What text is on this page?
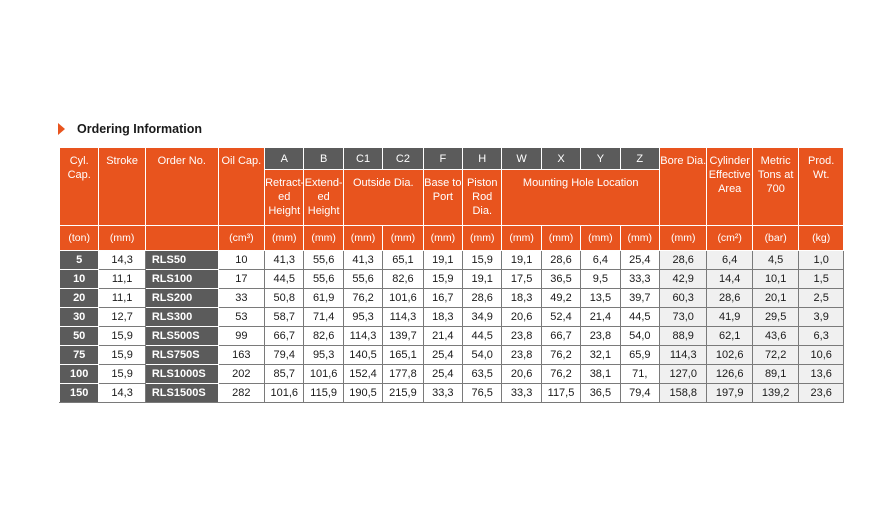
Ordering Information
Cyl. Cap.	Stroke	Order No.	Oil Cap.	A	B	C1	C2	F	H	W	X	Y	Z	Bore Dia.	Cylinder Effective Area	Metric Tons at 700	Prod. Wt.
				Retract-ed Height	Extend-ed Height	Outside Dia.		Base to Port	Piston Rod Dia.	Mounting Hole Location							
(ton)	(mm)		(cm³)	(mm)	(mm)	(mm)	(mm)	(mm)	(mm)	(mm)	(mm)	(mm)	(mm)	(mm)	(cm²)	(bar)	(kg)
5	14,3	RLS50	10	41,3	55,6	41,3	65,1	19,1	15,9	19,1	28,6	6,4	25,4	28,6	6,4	4,5	1,0
10	11,1	RLS100	17	44,5	55,6	55,6	82,6	15,9	19,1	17,5	36,5	9,5	33,3	42,9	14,4	10,1	1,5
20	11,1	RLS200	33	50,8	61,9	76,2	101,6	16,7	28,6	18,3	49,2	13,5	39,7	60,3	28,6	20,1	2,5
30	12,7	RLS300	53	58,7	71,4	95,3	114,3	18,3	34,9	20,6	52,4	21,4	44,5	73,0	41,9	29,5	3,9
50	15,9	RLS500S	99	66,7	82,6	114,3	139,7	21,4	44,5	23,8	66,7	23,8	54,0	88,9	62,1	43,6	6,3
75	15,9	RLS750S	163	79,4	95,3	140,5	165,1	25,4	54,0	23,8	76,2	32,1	65,9	114,3	102,6	72,2	10,6
100	15,9	RLS1000S	202	85,7	101,6	152,4	177,8	25,4	63,5	20,6	76,2	38,1	71,	127,0	126,6	89,1	13,6
150	14,3	RLS1500S	282	101,6	115,9	190,5	215,9	33,3	76,5	33,3	117,5	36,5	79,4	158,8	197,9	139,2	23,6
